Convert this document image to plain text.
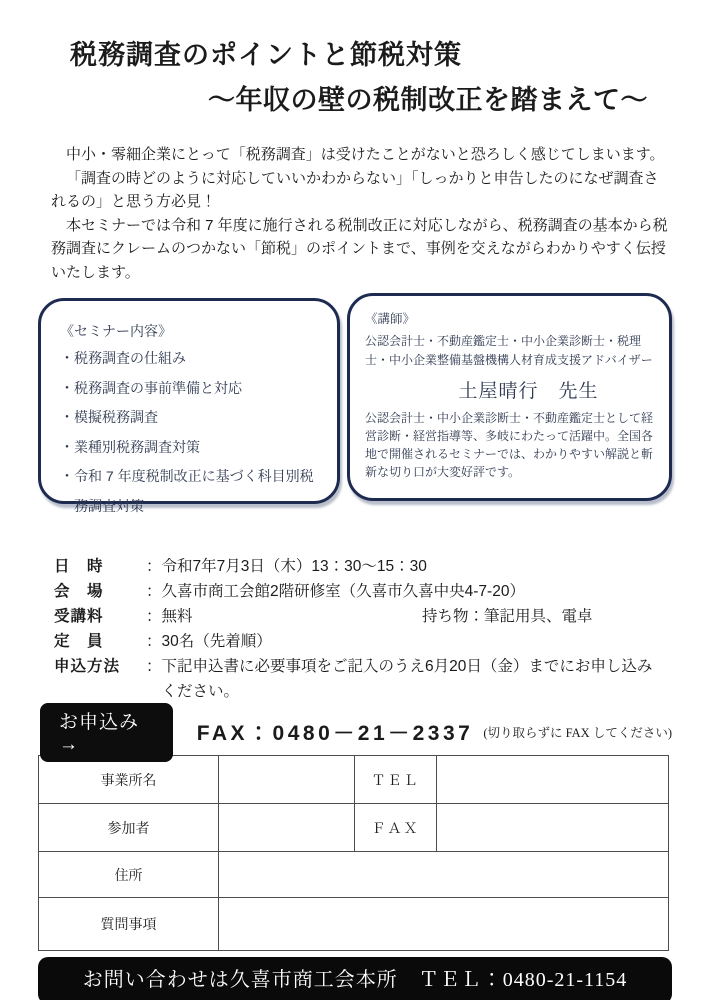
税務調査のポイントと節税対策
～年収の壁の税制改正を踏まえて～

中小・零細企業にとって「税務調査」は受けたことがないと恐ろしく感じてしまいます。

「調査の時どのように対応していいかわからない」「しっかりと申告したのになぜ調査されるの」と思う方必見！

本セミナーでは令和 7 年度に施行される税制改正に対応しながら、税務調査の基本から税務調査にクレームのつかない「節税」のポイントまで、事例を交えながらわかりやすく伝授いたします。

《セミナー内容》
・税務調査の仕組み
・税務調査の事前準備と対応
・模擬税務調査
・業種別税務調査対策
・令和 7 年度税制改正に基づく科目別税務調査対策
《講師》
公認会計士・不動産鑑定士・中小企業診断士・税理士・中小企業整備基盤機構人材育成支援アドバイザー
土屋晴行　先生
公認会計士・中小企業診断士・不動産鑑定士として経営診断・経営指導等、多岐にわたって活躍中。全国各地で開催されるセミナーでは、わかりやすい解説と斬新な切り口が大変好評です。
日　時	： 令和7年7月3日（木）13：30～15：30
会　場	： 久喜市商工会館2階研修室（久喜市久喜中央4-7-20）
受講料	： 無料	持ち物：筆記用具、電卓
定　員	： 30名（先着順）
申込方法	： 下記申込書に必要事項をご記入のうえ6月20日（金）までにお申し込みください。
お申込み→	FAX：0480－21－2337 (切り取らずに FAX してください)
事業所名		ＴＥＬ	
参加者		ＦＡＸ	
住所			
質問事項			
お問い合わせは久喜市商工会本所　ＴＥＬ：0480-21-1154
